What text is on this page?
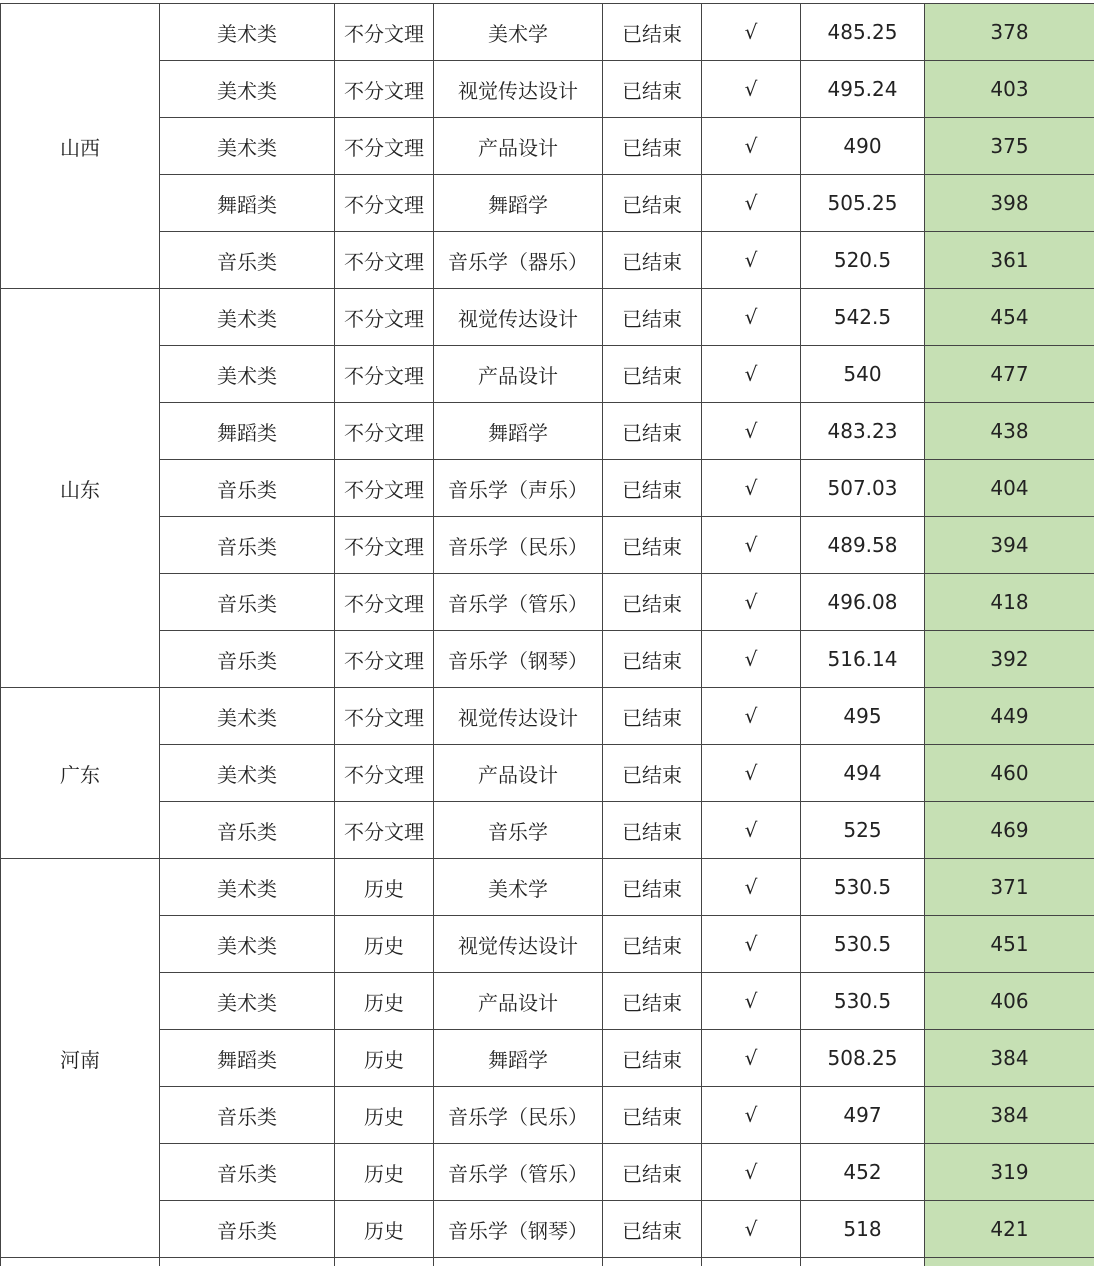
山西	美术类	不分文理	美术学	已结束	√	485.25	378
	美术类	不分文理	视觉传达设计	已结束	√	495.24	403
	美术类	不分文理	产品设计	已结束	√	490	375
	舞蹈类	不分文理	舞蹈学	已结束	√	505.25	398
	音乐类	不分文理	音乐学（器乐）	已结束	√	520.5	361
山东	美术类	不分文理	视觉传达设计	已结束	√	542.5	454
	美术类	不分文理	产品设计	已结束	√	540	477
	舞蹈类	不分文理	舞蹈学	已结束	√	483.23	438
	音乐类	不分文理	音乐学（声乐）	已结束	√	507.03	404
	音乐类	不分文理	音乐学（民乐）	已结束	√	489.58	394
	音乐类	不分文理	音乐学（管乐）	已结束	√	496.08	418
	音乐类	不分文理	音乐学（钢琴）	已结束	√	516.14	392
广东	美术类	不分文理	视觉传达设计	已结束	√	495	449
	美术类	不分文理	产品设计	已结束	√	494	460
	音乐类	不分文理	音乐学	已结束	√	525	469
河南	美术类	历史	美术学	已结束	√	530.5	371
	美术类	历史	视觉传达设计	已结束	√	530.5	451
	美术类	历史	产品设计	已结束	√	530.5	406
	舞蹈类	历史	舞蹈学	已结束	√	508.25	384
	音乐类	历史	音乐学（民乐）	已结束	√	497	384
	音乐类	历史	音乐学（管乐）	已结束	√	452	319
	音乐类	历史	音乐学（钢琴）	已结束	√	518	421
